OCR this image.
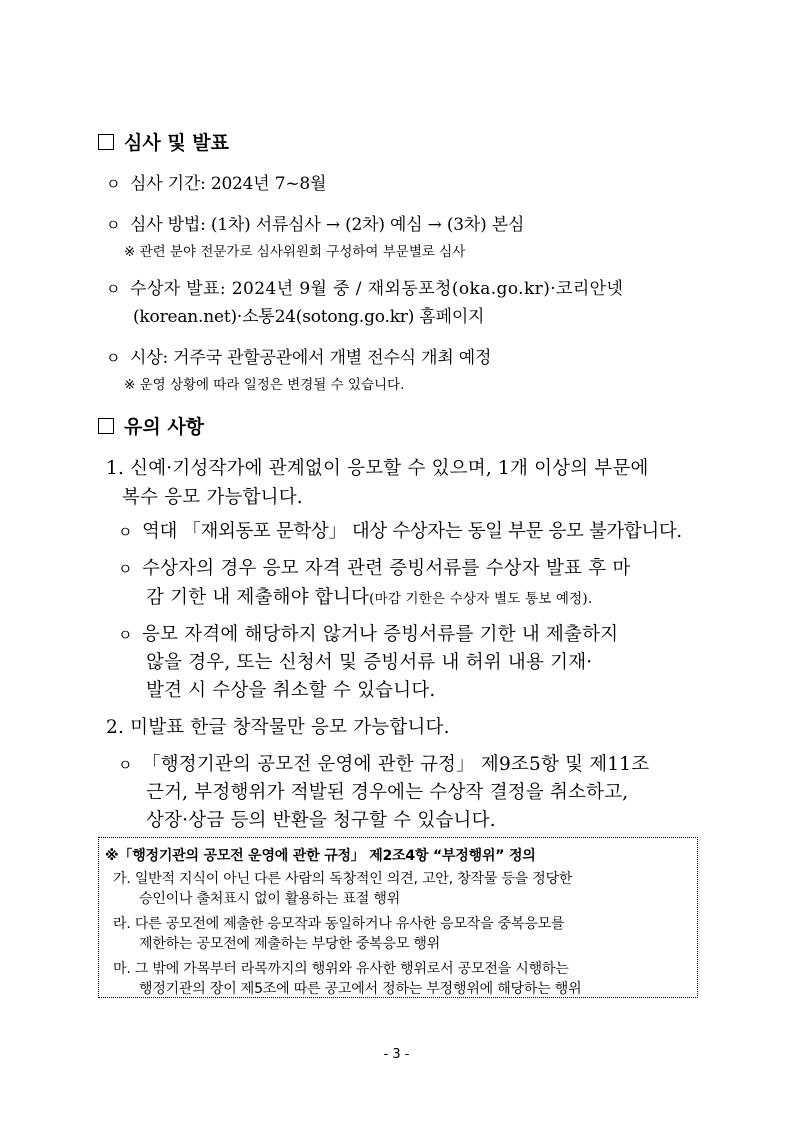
심사 및 발표
ㅇ 심사 기간: 2024년 7~8월
ㅇ 심사 방법: (1차) 서류심사 → (2차) 예심 → (3차) 본심
※ 관련 분야 전문가로 심사위원회 구성하여 부문별로 심사
ㅇ 수상자 발표: 2024년 9월 중 / 재외동포청(oka.go.kr)·코리안넷
(korean.net)·소통24(sotong.go.kr) 홈페이지
ㅇ 시상: 거주국 관할공관에서 개별 전수식 개최 예정
※ 운영 상황에 따라 일정은 변경될 수 있습니다.
유의 사항
1. 신예·기성작가에 관계없이 응모할 수 있으며, 1개 이상의 부문에
복수 응모 가능합니다.
ㅇ 역대 「재외동포 문학상」 대상 수상자는 동일 부문 응모 불가합니다.
ㅇ 수상자의 경우 응모 자격 관련 증빙서류를 수상자 발표 후 마
감 기한 내 제출해야 합니다(마감 기한은 수상자 별도 통보 예정).
ㅇ 응모 자격에 해당하지 않거나 증빙서류를 기한 내 제출하지
않을 경우, 또는 신청서 및 증빙서류 내 허위 내용 기재·
발견 시 수상을 취소할 수 있습니다.
2. 미발표 한글 창작물만 응모 가능합니다.
ㅇ 「행정기관의 공모전 운영에 관한 규정」 제9조5항 및 제11조
근거, 부정행위가 적발된 경우에는 수상작 결정을 취소하고,
상장·상금 등의 반환을 청구할 수 있습니다.
※「행정기관의 공모전 운영에 관한 규정」 제2조4항 “부정행위” 정의
가. 일반적 지식이 아닌 다른 사람의 독창적인 의견, 고안, 창작물 등을 정당한
승인이나 출처표시 없이 활용하는 표절 행위
라. 다른 공모전에 제출한 응모작과 동일하거나 유사한 응모작을 중복응모를
제한하는 공모전에 제출하는 부당한 중복응모 행위
마. 그 밖에 가목부터 라목까지의 행위와 유사한 행위로서 공모전을 시행하는
행정기관의 장이 제5조에 따른 공고에서 정하는 부정행위에 해당하는 행위
- 3 -
